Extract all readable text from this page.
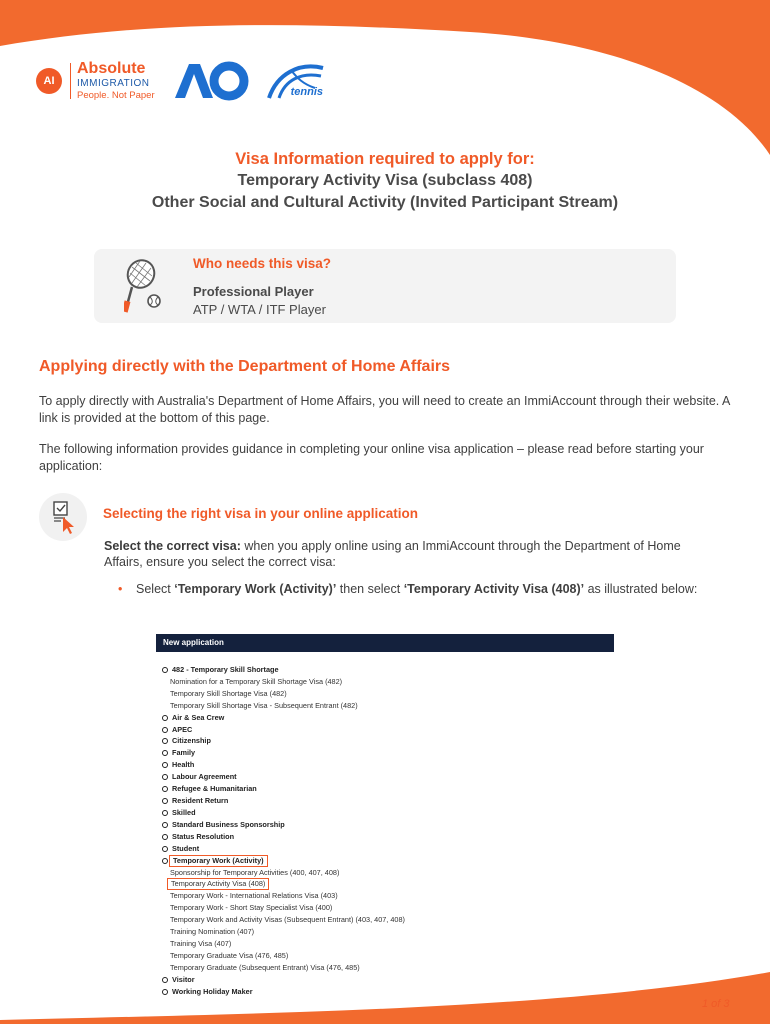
AI
Absolute
IMMIGRATION
People. Not Paper	tennis
Visa Information required to apply for:
Temporary Activity Visa (subclass 408)
Other Social and Cultural Activity (Invited Participant Stream)
Who needs this visa?
Professional Player
ATP / WTA / ITF Player
Applying directly with the Department of Home Affairs
To apply directly with Australia's Department of Home Affairs, you will need to create an ImmiAccount through their website. A link is provided at the bottom of this page.
The following information provides guidance in completing your online visa application – please read before starting your application:
Selecting the right visa in your online application
Select the correct visa: when you apply online using an ImmiAccount through the Department of Home Affairs, ensure you select the correct visa:
• Select ‘Temporary Work (Activity)’ then select ‘Temporary Activity Visa (408)’ as illustrated below:
New application
482 - Temporary Skill Shortage
Nomination for a Temporary Skill Shortage Visa (482)
Temporary Skill Shortage Visa (482)
Temporary Skill Shortage Visa - Subsequent Entrant (482)
Air & Sea Crew
APEC
Citizenship
Family
Health
Labour Agreement
Refugee & Humanitarian
Resident Return
Skilled
Standard Business Sponsorship
Status Resolution
Student
Temporary Work (Activity)
Sponsorship for Temporary Activities (400, 407, 408)
Temporary Activity Visa (408)
Temporary Work - International Relations Visa (403)
Temporary Work - Short Stay Specialist Visa (400)
Temporary Work and Activity Visas (Subsequent Entrant) (403, 407, 408)
Training Nomination (407)
Training Visa (407)
Temporary Graduate Visa (476, 485)
Temporary Graduate (Subsequent Entrant) Visa (476, 485)
Visitor
Working Holiday Maker
1 of 3
